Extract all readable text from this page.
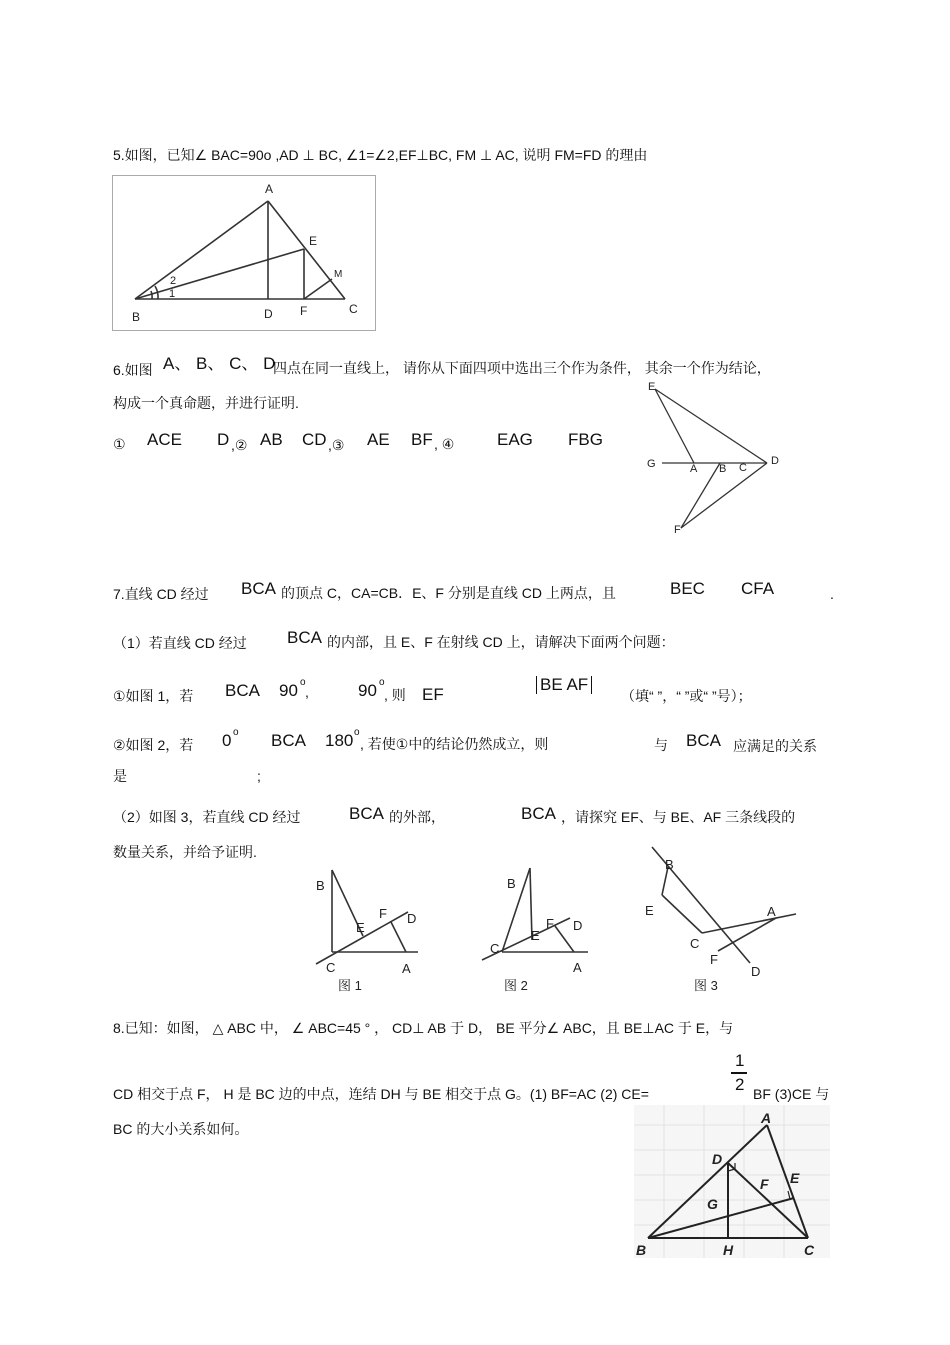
5.如图，已知∠ BAC=90o ,AD ⊥ BC, ∠1=∠2,EF⊥BC, FM ⊥ AC, 说明 FM=FD 的理由
A
B
C
D
E
F
M
1
2
6.如图 A、 B、 C、 D
四点在同一直线上， 请你从下面四项中选出三个作为条件， 其余一个作为结论，
构成一个真命题，并进行证明.
① ACE D ,② AB CD ,③ AE BF , ④	EAG FBG
E
G	A B C
D
F
7.直线 CD 经过 BCA 的顶点 C，CA=CB．E、F 分别是直线 CD 上两点，且	BEC CFA	.
（1）若直线 CD 经过 BCA 的内部，且 E、F 在射线 CD 上，请解决下面两个问题：
①如图 1，若 BCA 90 o
,	90 o
, 则 EF
BE AF
（填“ ”，“ ”或“ ”号）；
②如图 2，若 0 o BCA 180 o
, 若使①中的结论仍然成立，则	与 BCA 应满足的关系
是	;
（2）如图 3，若直线 CD 经过	BCA 的外部，	BCA ，请探究 EF、与 BE、AF 三条线段的
数量关系，并给予证明.
B
E
F D
C	A
图 1
B
E
F D
C
A
图 2
B
E	A
C
F
D
图 3
8.已知：如图， △ ABC 中， ∠ ABC=45 ° ， CD⊥ AB 于 D， BE 平分∠ ABC，且 BE⊥AC 于 E，与
1
2
CD 相交于点 F， H 是 BC 边的中点，连结 DH 与 BE 相交于点 G。(1) BF=AC (2) CE=	BF (3)CE 与
BC 的大小关系如何。
A
D
E
F
G
B	H	C
